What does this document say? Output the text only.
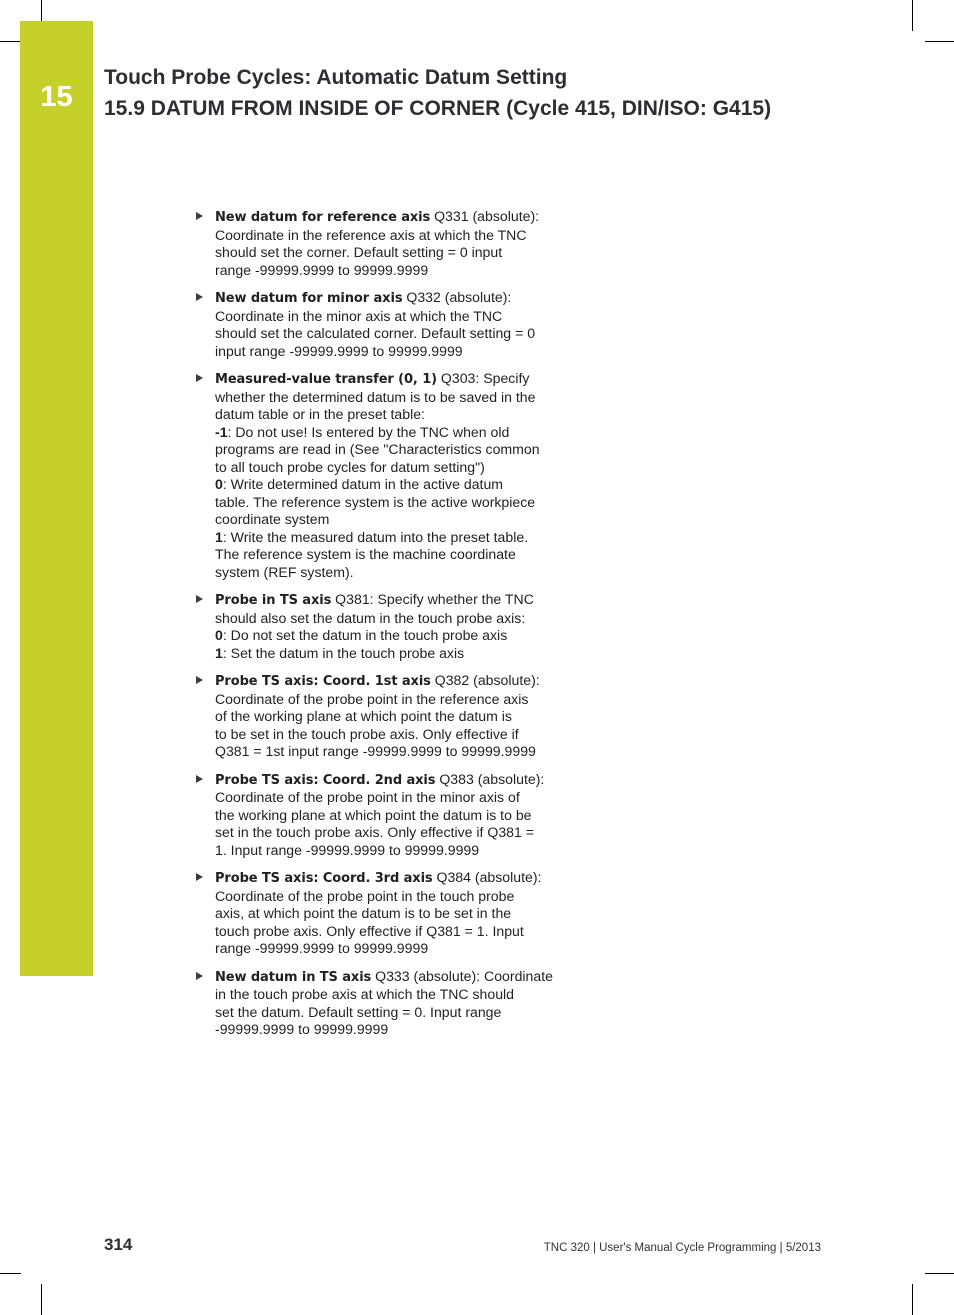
15
Touch Probe Cycles: Automatic Datum Setting
15.9 DATUM FROM INSIDE OF CORNER (Cycle 415, DIN/ISO: G415)
New datum for reference axis Q331 (absolute):
Coordinate in the reference axis at which the TNC
should set the corner. Default setting = 0 input
range -99999.9999 to 99999.9999
New datum for minor axis Q332 (absolute):
Coordinate in the minor axis at which the TNC
should set the calculated corner. Default setting = 0
input range -99999.9999 to 99999.9999
Measured-value transfer (0, 1) Q303: Specify
whether the determined datum is to be saved in the
datum table or in the preset table:
-1: Do not use! Is entered by the TNC when old
programs are read in (See "Characteristics common
to all touch probe cycles for datum setting")
0: Write determined datum in the active datum
table. The reference system is the active workpiece
coordinate system
1: Write the measured datum into the preset table.
The reference system is the machine coordinate
system (REF system).
Probe in TS axis Q381: Specify whether the TNC
should also set the datum in the touch probe axis:
0: Do not set the datum in the touch probe axis
1: Set the datum in the touch probe axis
Probe TS axis: Coord. 1st axis Q382 (absolute):
Coordinate of the probe point in the reference axis
of the working plane at which point the datum is
to be set in the touch probe axis. Only effective if
Q381 = 1st input range -99999.9999 to 99999.9999
Probe TS axis: Coord. 2nd axis Q383 (absolute):
Coordinate of the probe point in the minor axis of
the working plane at which point the datum is to be
set in the touch probe axis. Only effective if Q381 =
1. Input range -99999.9999 to 99999.9999
Probe TS axis: Coord. 3rd axis Q384 (absolute):
Coordinate of the probe point in the touch probe
axis, at which point the datum is to be set in the
touch probe axis. Only effective if Q381 = 1. Input
range -99999.9999 to 99999.9999
New datum in TS axis Q333 (absolute): Coordinate
in the touch probe axis at which the TNC should
set the datum. Default setting = 0. Input range
-99999.9999 to 99999.9999
314	TNC 320 | User's Manual Cycle Programming | 5/2013
